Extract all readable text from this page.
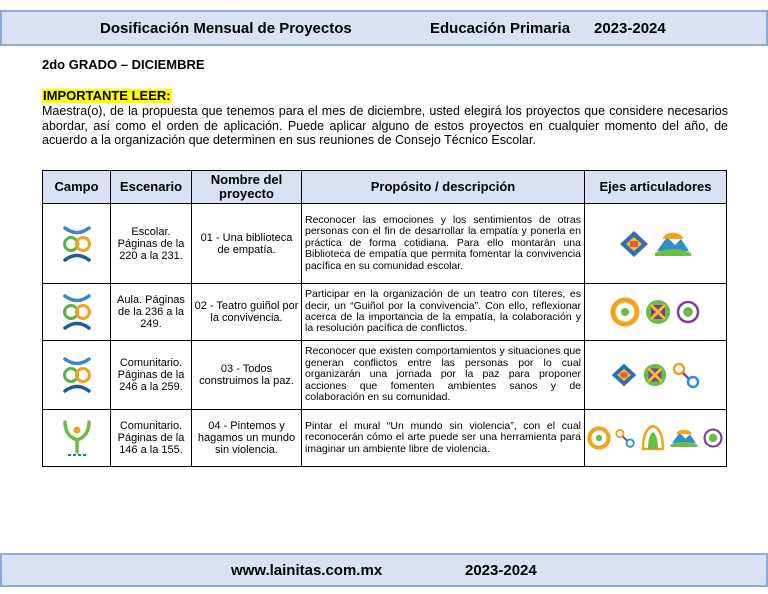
Dosificación Mensual de Proyectos	Educación Primaria 2023-2024
2do GRADO – DICIEMBRE
IMPORTANTE LEER:
Maestra(o), de la propuesta que tenemos para el mes de diciembre, usted elegirá los proyectos que considere necesarios abordar, así como el orden de aplicación. Puede aplicar alguno de estos proyectos en cualquier momento del año, de acuerdo a la organización que determinen en sus reuniones de Consejo Técnico Escolar.
Campo	Escenario	Nombre del proyecto	Propósito / descripción	Ejes articuladores
	Escolar. Páginas de la 220 a la 231.	01 - Una biblioteca de empatía.	Reconocer las emociones y los sentimientos de otras personas con el fin de desarrollar la empatía y ponerla en práctica de forma cotidiana. Para ello montarán una Biblioteca de empatía que permita fomentar la convivencia pacífica en su comunidad escolar.	
	Aula. Páginas de la 236 a la 249.	02 - Teatro guiñol por la convivencia.	Participar en la organización de un teatro con títeres, es decir, un “Guiñol por la convivencia”. Con ello, reflexionar acerca de la importancia de la empatía, la colaboración y la resolución pacífica de conflictos.	
	Comunitario. Páginas de la 246 a la 259.	03 - Todos construimos la paz.	Reconocer que existen comportamientos y situaciones que generan conflictos entre las personas por lo cual organizarán una jornada por la paz para proponer acciones que fomenten ambientes sanos y de colaboración en su comunidad.	
	Comunitario. Páginas de la 146 a la 155.	04 - Pintemos y hagamos un mundo sin violencia.	Pintar el mural “Un mundo sin violencia”, con el cual reconocerán cómo el arte puede ser una herramienta para imaginar un ambiente libre de violencia.	
www.lainitas.com.mx	2023-2024
